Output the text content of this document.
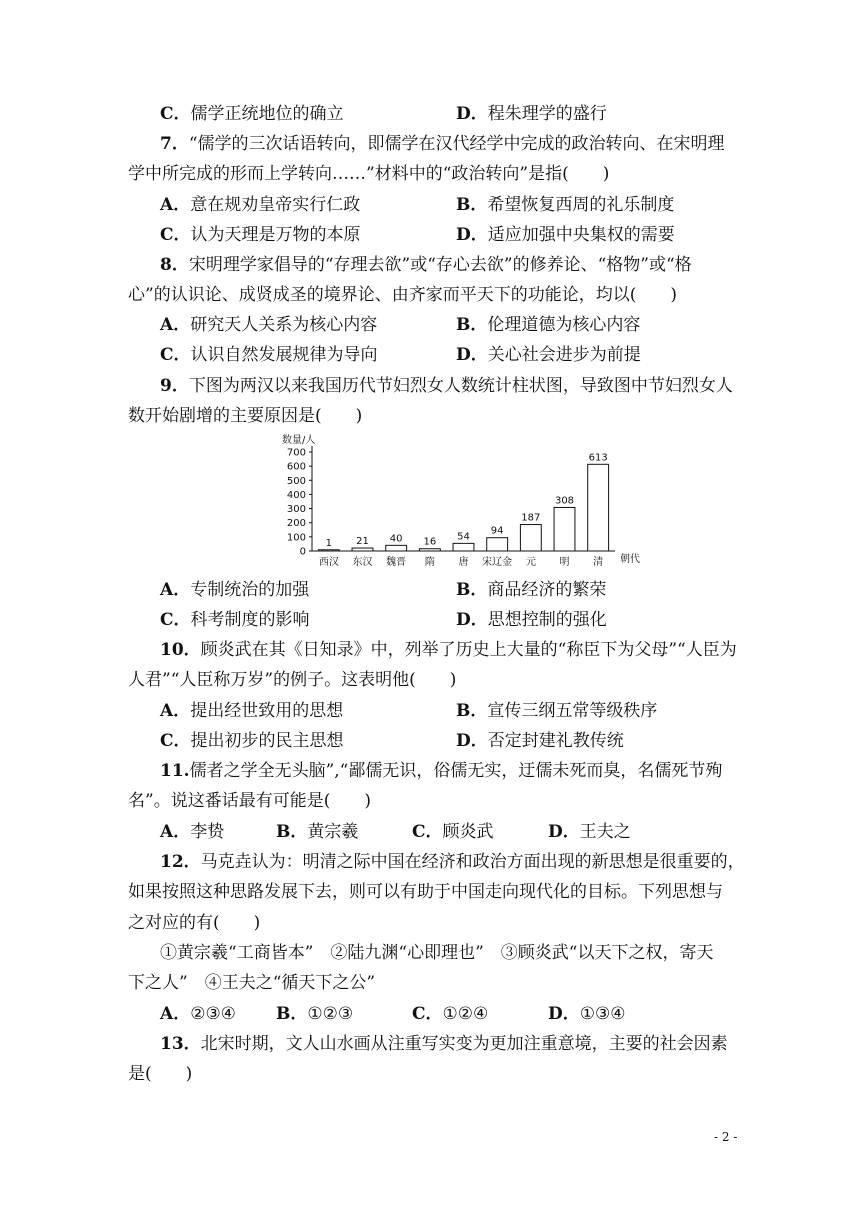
C．儒学正统地位的确立	D．程朱理学的盛行
7．“儒学的三次话语转向，即儒学在汉代经学中完成的政治转向、在宋明理
学中所完成的形而上学转向……”材料中的“政治转向”是指(　　)
A．意在规劝皇帝实行仁政	B．希望恢复西周的礼乐制度
C．认为天理是万物的本原	D．适应加强中央集权的需要
8．宋明理学家倡导的“存理去欲”或“存心去欲”的修养论、“格物”或“格
心”的认识论、成贤成圣的境界论、由齐家而平天下的功能论，均以(　　)
A．研究天人关系为核心内容	B．伦理道德为核心内容
C．认识自然发展规律为导向	D．关心社会进步为前提
9．下图为两汉以来我国历代节妇烈女人数统计柱状图，导致图中节妇烈女人
数开始剧增的主要原因是(　　)
数量/人
朝代
0
100
200
300
400
500
600
700
1
西汉
21
东汉
40
魏晋
16
隋
54
唐
94
宋辽金
187
元
308
明
613
清
A．专制统治的加强	B．商品经济的繁荣
C．科考制度的影响	D．思想控制的强化
10．顾炎武在其《日知录》中，列举了历史上大量的“称臣下为父母”“人臣为
人君”“人臣称万岁”的例子。这表明他(　　)
A．提出经世致用的思想	B．宣传三纲五常等级秩序
C．提出初步的民主思想	D．否定封建礼教传统
11.儒者之学全无头脑”,“鄙儒无识，俗儒无实，迂儒未死而臭，名儒死节殉
名”。说这番话最有可能是(　　)
A．李贽	B．黄宗羲	C．顾炎武	D．王夫之
12．马克垚认为：明清之际中国在经济和政治方面出现的新思想是很重要的，
如果按照这种思路发展下去，则可以有助于中国走向现代化的目标。下列思想与
之对应的有(　　)
①黄宗羲“工商皆本”　②陆九渊“心即理也”　③顾炎武“以天下之权，寄天
下之人”　④王夫之“循天下之公”
A．②③④ B．①②③	C．①②④	D．①③④
13．北宋时期，文人山水画从注重写实变为更加注重意境，主要的社会因素
是(　　)
- 2 -
